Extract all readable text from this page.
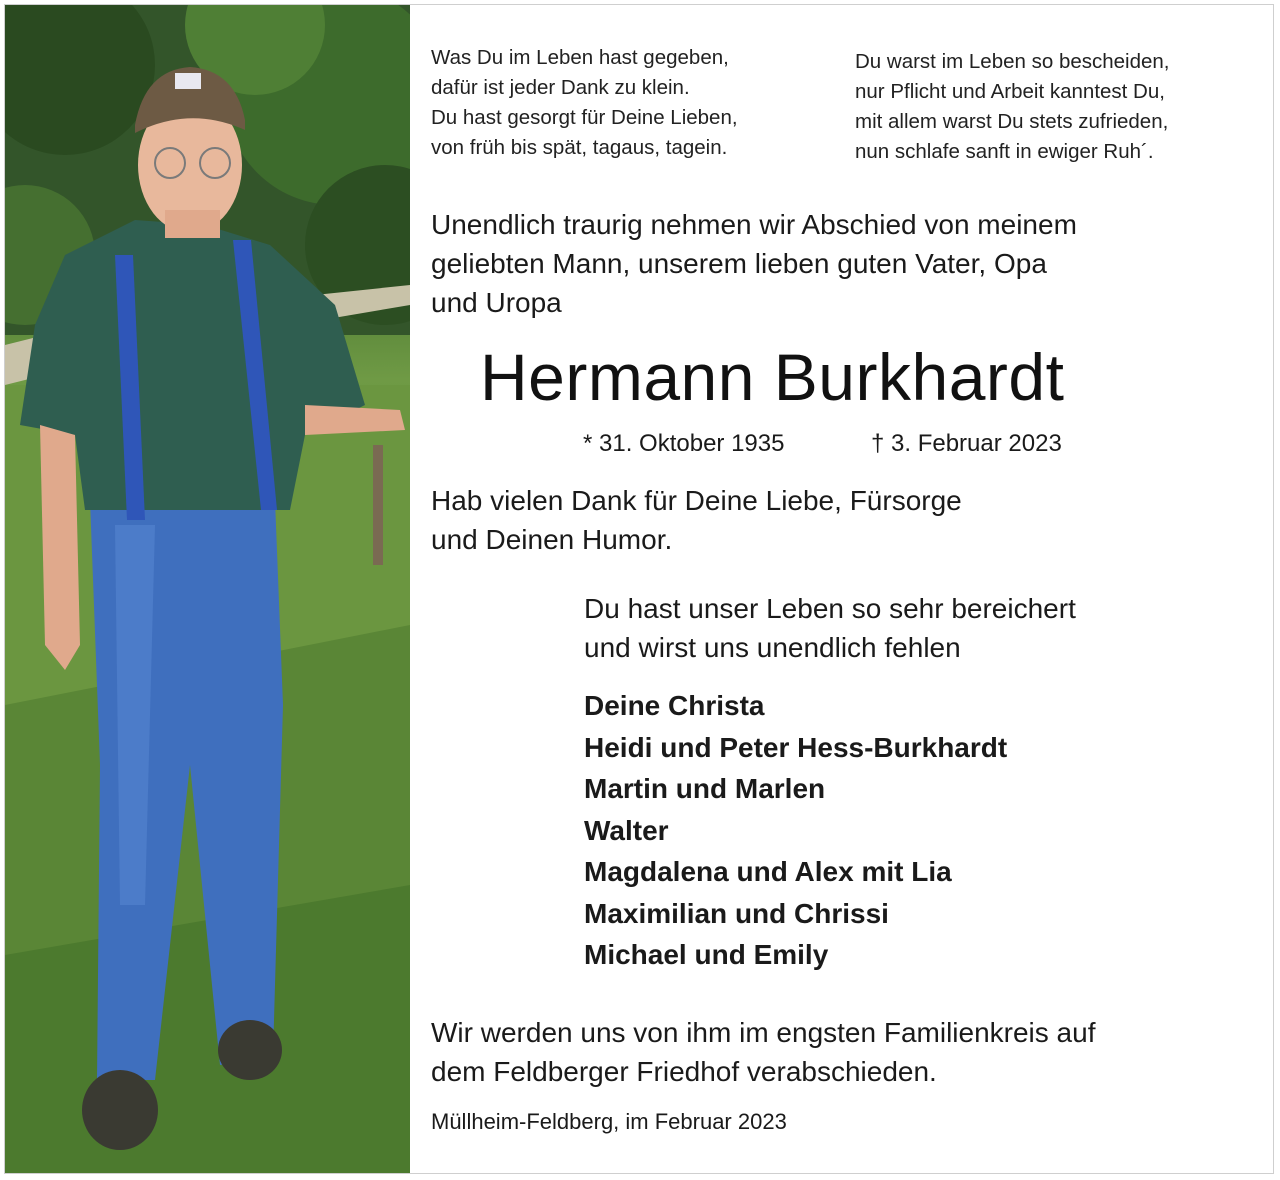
Was Du im Leben hast gegeben,
dafür ist jeder Dank zu klein.
Du hast gesorgt für Deine Lieben,
von früh bis spät, tagaus, tagein.
Du warst im Leben so bescheiden,
nur Pflicht und Arbeit kanntest Du,
mit allem warst Du stets zufrieden,
nun schlafe sanft in ewiger Ruh´.
Unendlich traurig nehmen wir Abschied von meinem
geliebten Mann, unserem lieben guten Vater, Opa
und Uropa
Hermann Burkhardt
* 31. Oktober 1935	† 3. Februar 2023
Hab vielen Dank für Deine Liebe, Fürsorge
und Deinen Humor.
Du hast unser Leben so sehr bereichert
und wirst uns unendlich fehlen
Deine Christa
Heidi und Peter Hess-Burkhardt
Martin und Marlen
Walter
Magdalena und Alex mit Lia
Maximilian und Chrissi
Michael und Emily
Wir werden uns von ihm im engsten Familienkreis auf
dem Feldberger Friedhof verabschieden.
Müllheim-Feldberg, im Februar 2023
